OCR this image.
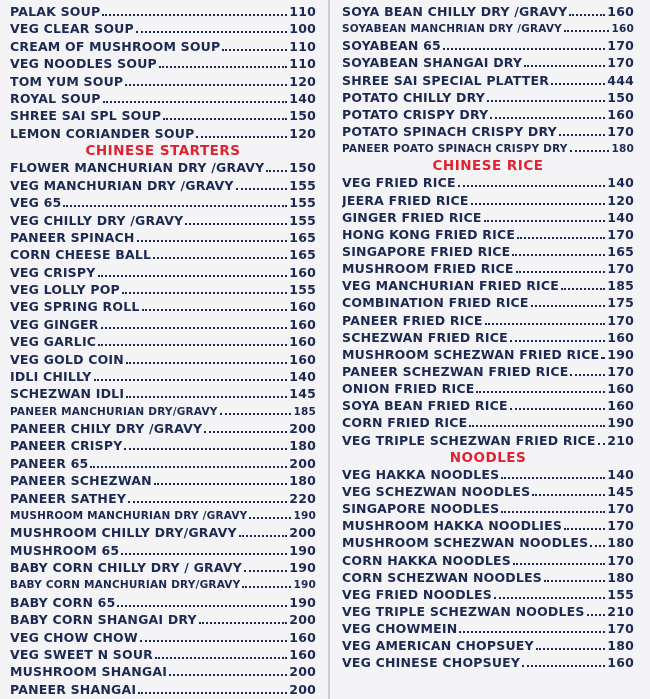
PALAK SOUP	110
VEG CLEAR SOUP	100
CREAM OF MUSHROOM SOUP	110
VEG NOODLES SOUP	110
TOM YUM SOUP	120
ROYAL SOUP	140
SHREE SAI SPL SOUP	150
LEMON CORIANDER SOUP	120
CHINESE STARTERS
FLOWER MANCHURIAN DRY /GRAVY 150
VEG MANCHURIAN DRY /GRAVY	155
VEG 65	155
VEG CHILLY DRY /GRAVY	155
PANEER SPINACH	165
CORN CHEESE BALL	165
VEG CRISPY	160
VEG LOLLY POP	155
VEG SPRING ROLL	160
VEG GINGER	160
VEG GARLIC	160
VEG GOLD COIN	160
IDLI CHILLY	140
SCHEZWAN IDLI	145
PANEER MANCHURIAN DRY/GRAVY	185
PANEER CHILY DRY /GRAVY	200
PANEER CRISPY	180
PANEER 65	200
PANEER SCHEZWAN	180
PANEER SATHEY	220
MUSHROOM MANCHURIAN DRY /GRAVY	190
MUSHROOM CHILLY DRY/GRAVY	200
MUSHROOM 65	190
BABY CORN CHILLY DRY / GRAVY	190
BABY CORN MANCHURIAN DRY/GRAVY	190
BABY CORN 65	190
BABY CORN SHANGAI DRY	200
VEG CHOW CHOW	160
VEG SWEET N SOUR	160
MUSHROOM SHANGAI	200
PANEER SHANGAI	200
SOYA BEAN CHILLY DRY /GRAVY	160
SOYABEAN MANCHRIAN DRY /GRAVY	160
SOYABEAN 65	170
SOYABEAN SHANGAI DRY	170
SHREE SAI SPECIAL PLATTER	444
POTATO CHILLY DRY	150
POTATO CRISPY DRY	160
POTATO SPINACH CRISPY DRY	170
PANEER POATO SPINACH CRISPY DRY	180
CHINESE RICE
VEG FRIED RICE	140
JEERA FRIED RICE	120
GINGER FRIED RICE	140
HONG KONG FRIED RICE	170
SINGAPORE FRIED RICE	165
MUSHROOM FRIED RICE	170
VEG MANCHURIAN FRIED RICE	185
COMBINATION FRIED RICE	175
PANEER FRIED RICE	170
SCHEZWAN FRIED RICE	160
MUSHROOM SCHEZWAN FRIED RICE 190
PANEER SCHEZWAN FRIED RICE	170
ONION FRIED RICE	160
SOYA BEAN FRIED RICE	160
CORN FRIED RICE	190
VEG TRIPLE SCHEZWAN FRIED RICE 210
NOODLES
VEG HAKKA NOODLES	140
VEG SCHEZWAN NOODLES	145
SINGAPORE NOODLES	170
MUSHROOM HAKKA NOODLIES	170
MUSHROOM SCHEZWAN NOODLES 180
CORN HAKKA NOODLES	170
CORN SCHEZWAN NOODLES	180
VEG FRIED NOODLES	155
VEG TRIPLE SCHEZWAN NOODLES 210
VEG CHOWMEIN	170
VEG AMERICAN CHOPSUEY	180
VEG CHINESE CHOPSUEY	160
